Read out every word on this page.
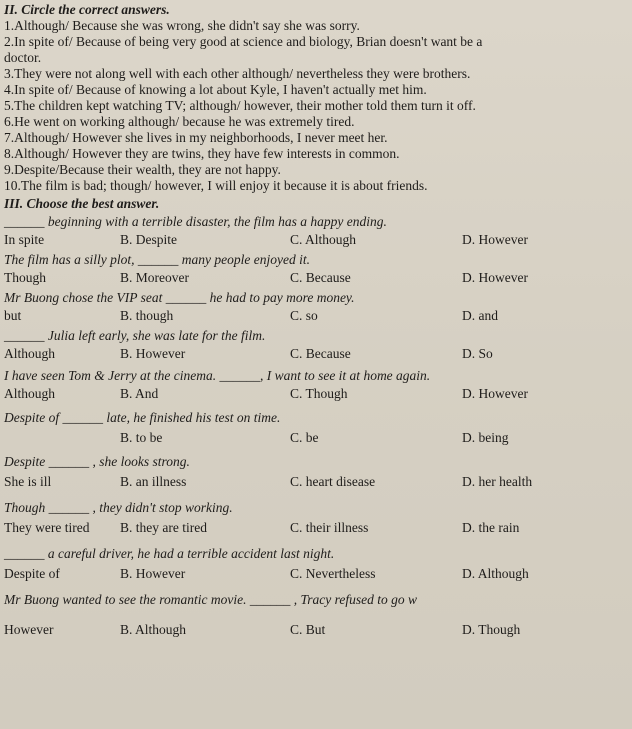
II. Circle the correct answers.
1.Although/ Because she was wrong, she didn't say she was sorry.
2.In spite of/ Because of being very good at science and biology, Brian doesn't want be a
doctor.
3.They were not along well with each other although/ nevertheless they were brothers.
4.In spite of/ Because of knowing a lot about Kyle, I haven't actually met him.
5.The children kept watching TV; although/ however, their mother told them turn it off.
6.He went on working although/ because he was extremely tired.
7.Although/ However she lives in my neighborhoods, I never meet her.
8.Although/ However they are twins, they have few interests in common.
9.Despite/Because their wealth, they are not happy.
10.The film is bad; though/ however, I will enjoy it because it is about friends.
III. Choose the best answer.
______ beginning with a terrible disaster, the film has a happy ending.
In spite	B. Despite	C. Although	D. However
The film has a silly plot, ______ many people enjoyed it.
Though	B. Moreover	C. Because	D. However
Mr Buong chose the VIP seat ______ he had to pay more money.
but	B. though	C. so	D. and
______ Julia left early, she was late for the film.
Although	B. However	C. Because	D. So
I have seen Tom & Jerry at the cinema. ______, I want to see it at home again.
Although	B. And	C. Though	D. However
Despite of ______ late, he finished his test on time.
B. to be	C. be	D. being
Despite ______ , she looks strong.
She is ill	B. an illness	C. heart disease	D. her health
Though ______ , they didn't stop working.
They were tired B. they are tired	C. their illness	D. the rain
______ a careful driver, he had a terrible accident last night.
Despite of	B. However	C. Nevertheless	D. Although
Mr Buong wanted to see the romantic movie. ______ , Tracy refused to go w
However	B. Although	C. But	D. Though
